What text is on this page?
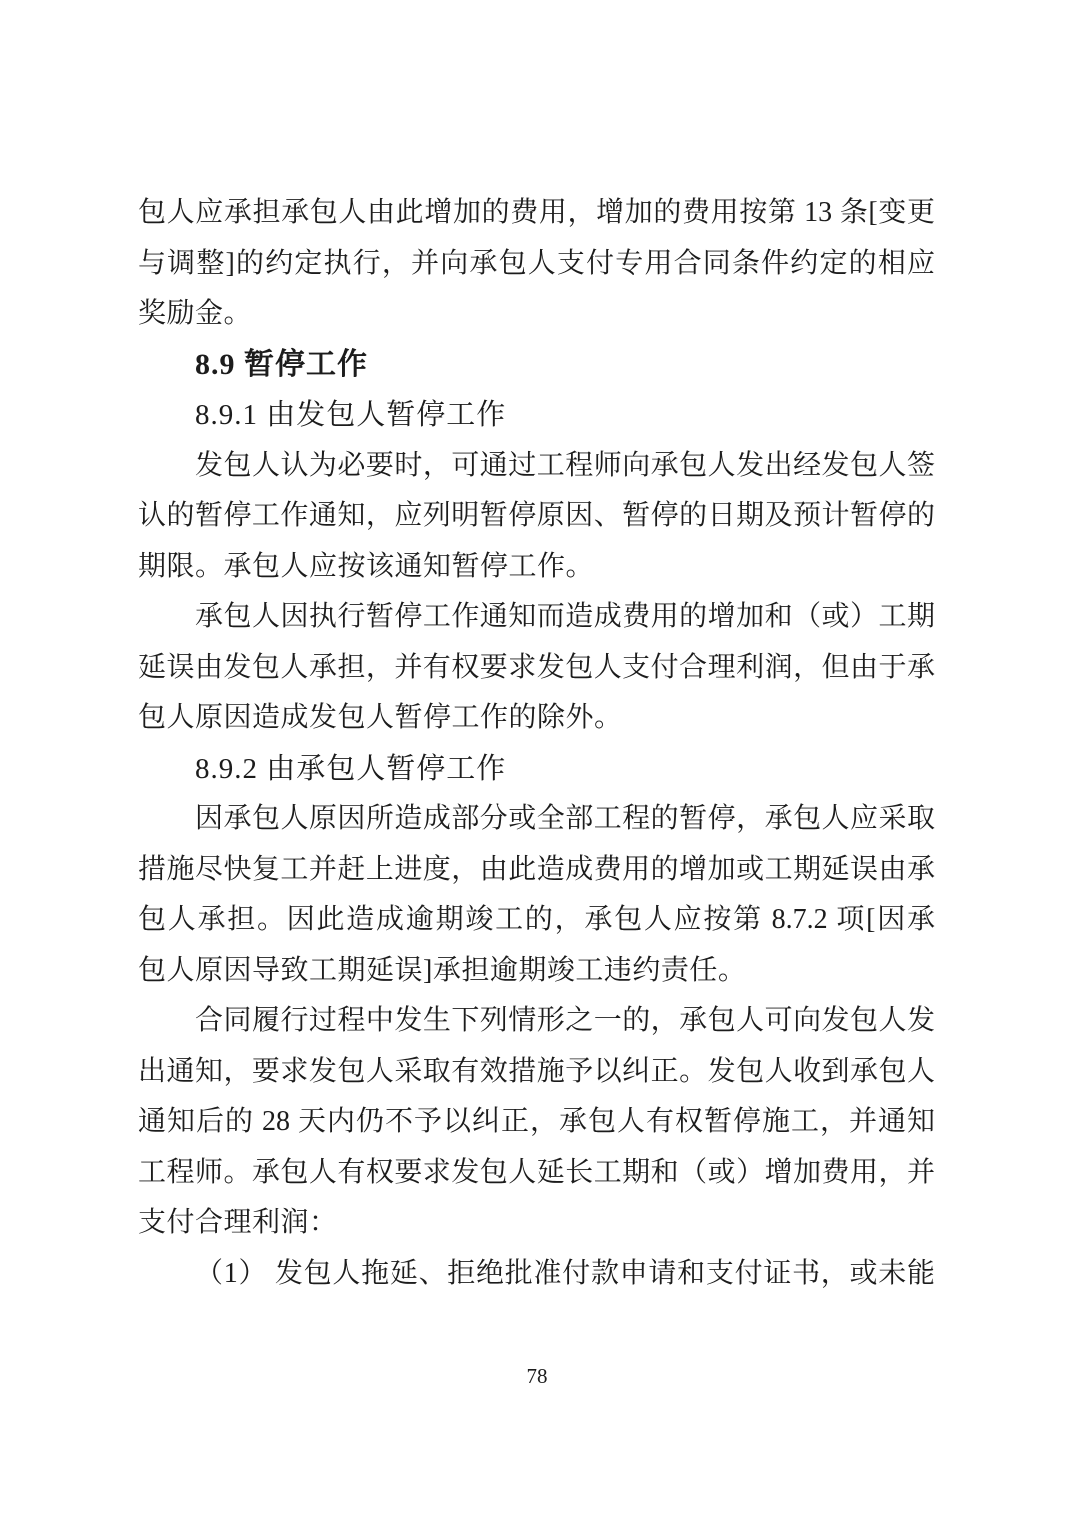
包人应承担承包人由此增加的费用，增加的费用按第 13 条[变更
与调整]的约定执行，并向承包人支付专用合同条件约定的相应
奖励金。
8.9 暂停工作
8.9.1 由发包人暂停工作
发包人认为必要时，可通过工程师向承包人发出经发包人签
认的暂停工作通知，应列明暂停原因、暂停的日期及预计暂停的
期限。承包人应按该通知暂停工作。
承包人因执行暂停工作通知而造成费用的增加和（或）工期
延误由发包人承担，并有权要求发包人支付合理利润，但由于承
包人原因造成发包人暂停工作的除外。
8.9.2 由承包人暂停工作
因承包人原因所造成部分或全部工程的暂停，承包人应采取
措施尽快复工并赶上进度，由此造成费用的增加或工期延误由承
包人承担。因此造成逾期竣工的，承包人应按第 8.7.2 项[因承
包人原因导致工期延误]承担逾期竣工违约责任。
合同履行过程中发生下列情形之一的，承包人可向发包人发
出通知，要求发包人采取有效措施予以纠正。发包人收到承包人
通知后的 28 天内仍不予以纠正，承包人有权暂停施工，并通知
工程师。承包人有权要求发包人延长工期和（或）增加费用，并
支付合理利润：
（1） 发包人拖延、拒绝批准付款申请和支付证书，或未能
78
